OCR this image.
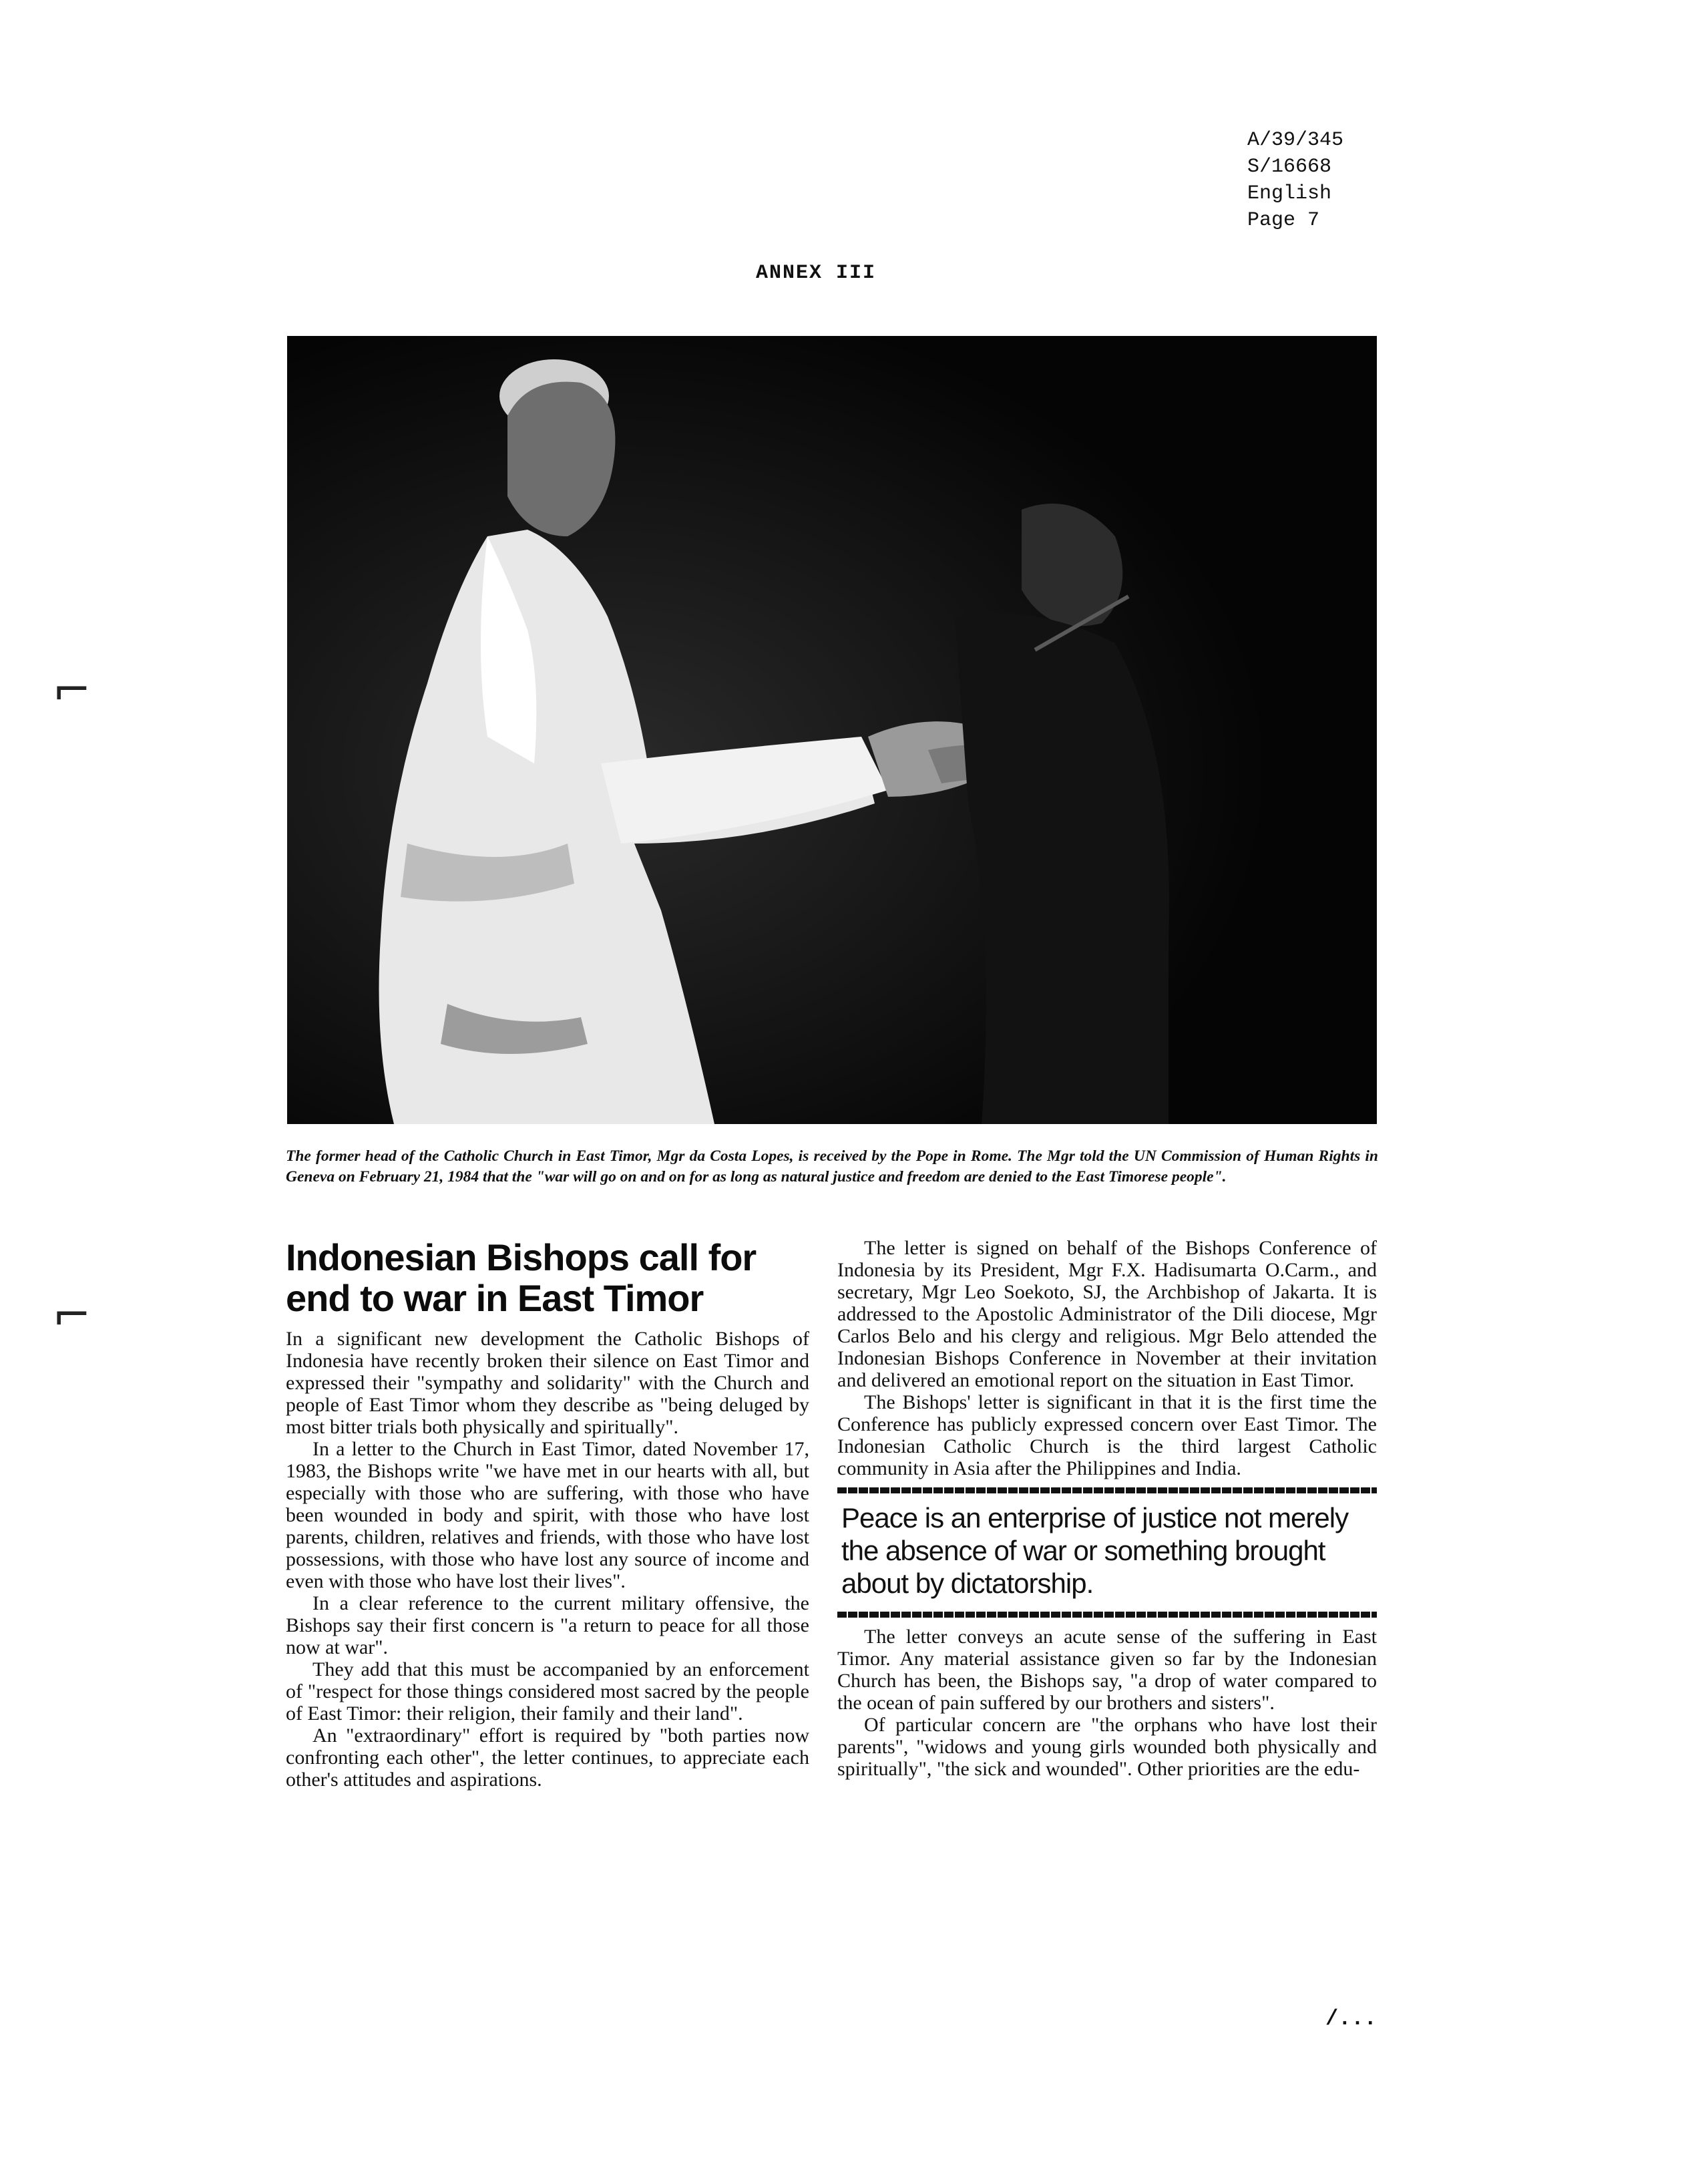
A/39/345
S/16668
English
Page 7
ANNEX III
The former head of the Catholic Church in East Timor, Mgr da Costa Lopes, is received by the Pope in Rome. The Mgr told the UN Commission of Human Rights in Geneva on February 21, 1984 that the "war will go on and on for as long as natural justice and freedom are denied to the East Timorese people".
Indonesian Bishops call for end to war in East Timor

In a significant new development the Catholic Bishops of Indonesia have recently broken their silence on East Timor and expressed their "sympathy and solidarity" with the Church and people of East Timor whom they describe as "being deluged by most bitter trials both physically and spiritually".

In a letter to the Church in East Timor, dated November 17, 1983, the Bishops write "we have met in our hearts with all, but especially with those who are suffering, with those who have been wounded in body and spirit, with those who have lost parents, children, relatives and friends, with those who have lost possessions, with those who have lost any source of income and even with those who have lost their lives".

In a clear reference to the current military offensive, the Bishops say their first concern is "a return to peace for all those now at war".

They add that this must be accompanied by an enforcement of "respect for those things considered most sacred by the people of East Timor: their religion, their family and their land".

An "extraordinary" effort is required by "both parties now confronting each other", the letter continues, to appreciate each other's attitudes and aspirations.

The letter is signed on behalf of the Bishops Conference of Indonesia by its President, Mgr F.X. Hadisumarta O.Carm., and secretary, Mgr Leo Soekoto, SJ, the Archbishop of Jakarta. It is addressed to the Apostolic Administrator of the Dili diocese, Mgr Carlos Belo and his clergy and religious. Mgr Belo attended the Indonesian Bishops Conference in November at their invitation and delivered an emotional report on the situation in East Timor.

The Bishops' letter is significant in that it is the first time the Conference has publicly expressed concern over East Timor. The Indonesian Catholic Church is the third largest Catholic community in Asia after the Philippines and India.

Peace is an enterprise of justice not merely the absence of war or something brought about by dictatorship.

The letter conveys an acute sense of the suffering in East Timor. Any material assistance given so far by the Indonesian Church has been, the Bishops say, "a drop of water compared to the ocean of pain suffered by our brothers and sisters".

Of particular concern are "the orphans who have lost their parents", "widows and young girls wounded both physically and spiritually", "the sick and wounded". Other priorities are the edu-

/...
⌐
⌐
